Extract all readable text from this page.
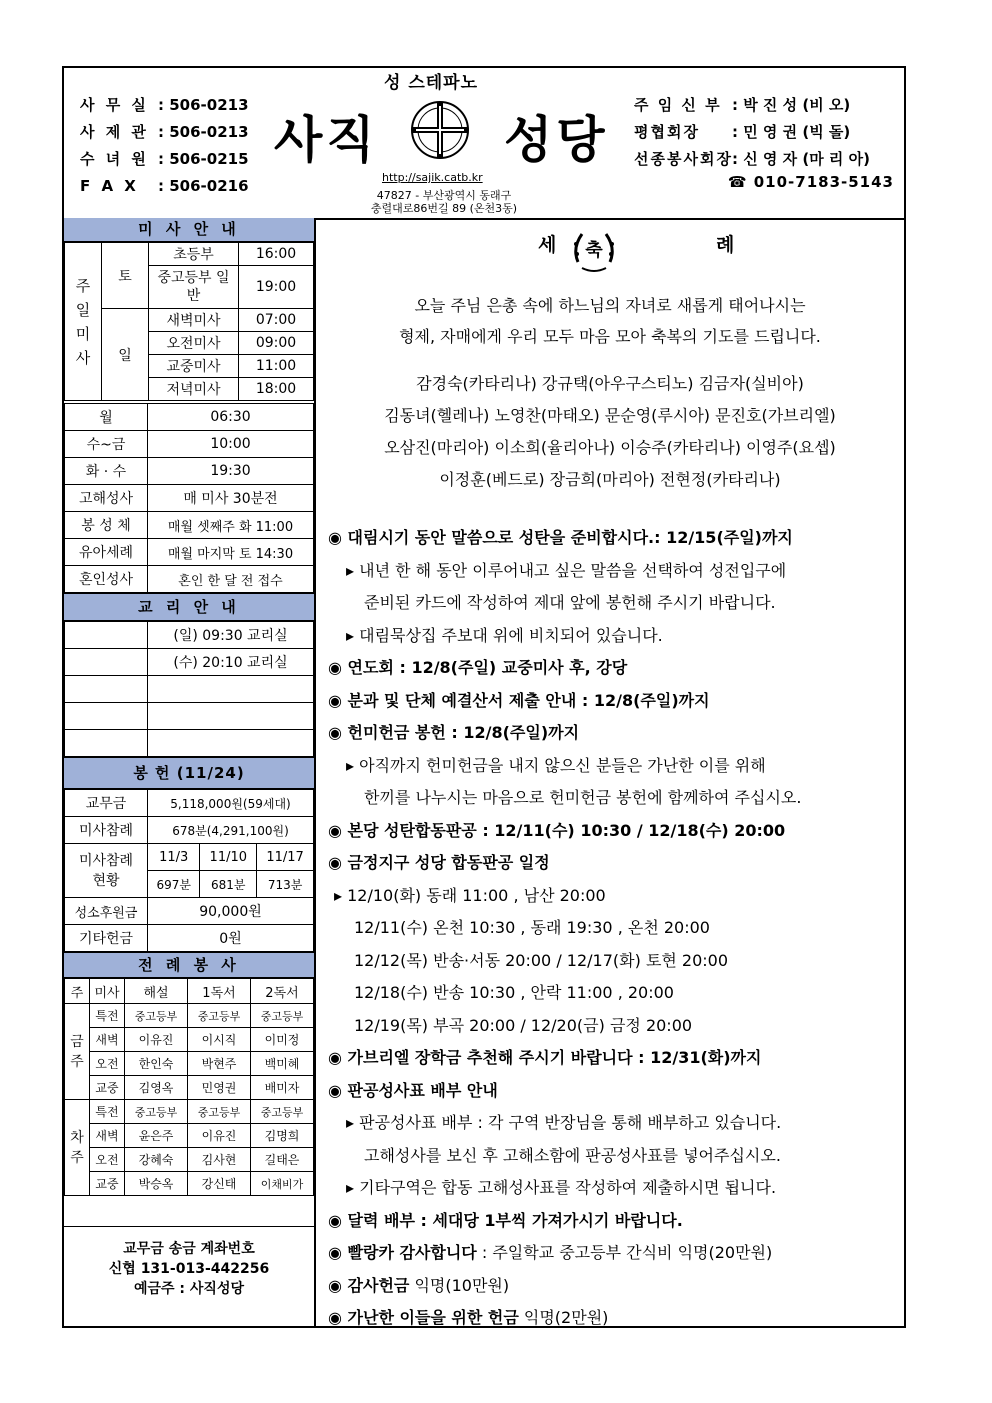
사 무 실 : 506-0213
사 제 관 : 506-0213
수 녀 원 : 506-0215
F A X : 506-0216
성 스테파노
사직	성당
http://sajik.catb.kr
47827 - 부산광역시 동래구
충렬대로86번길 89 (온천3동)
주 임 신 부 : 박 진 성 (비 오)
평협회장 : 민 영 권 (빅 돌)
선종봉사회장: 신 영 자 (마 리 아)
☎ 010-7183-5143
미 사 안 내
주일미사	토	초등부	16:00

		중고등부 일반	19:00
	일	새벽미사	07:00
		오전미사	09:00
		교중미사	11:00
		저녁미사	18:00
월	06:30
수~금	10:00
화 · 수	19:30
고해성사	매 미사 30분전
봉 성 체	매월 셋째주 화 11:00
유아세례	매월 마지막 토 14:30
혼인성사	혼인 한 달 전 접수
교 리 안 내
	(일) 09:30 교리실
	(수) 20:10 교리실

봉 헌 (11/24)
교무금	5,118,000원(59세대)		
미사참례	678분(4,291,100원)		

미사참례 현황	11/3	11/10	11/17
	697분	681분	713분
성소후원금	90,000원		
기타헌금	0원		
전 례 봉 사
주	미사	해설	1독서	2독서

금주	특전	중고등부	중고등부	중고등부
	새벽	이유진	이시직	이미정
	오전	한인숙	박현주	백미혜
	교중	김영옥	민영권	배미자

차주	특전	중고등부	중고등부	중고등부
	새벽	윤은주	이유진	김명희
	오전	강혜숙	김사현	길태은
	교중	박승옥	강신태	이채비가
교무금 송금 계좌번호
신협 131-013-442256
예금주 : 사직성당
세 축	례
오늘 주님 은총 속에 하느님의 자녀로 새롭게 태어나시는
형제, 자매에게 우리 모두 마음 모아 축복의 기도를 드립니다.
감경숙(카타리나) 강규택(아우구스티노) 김금자(실비아)
김동녀(헬레나) 노영찬(마태오) 문순영(루시아) 문진호(가브리엘)
오삼진(마리아) 이소희(율리아나) 이승주(카타리나) 이영주(요셉)
이정훈(베드로) 장금희(마리아) 전현정(카타리나)
◉ 대림시기 동안 말씀으로 성탄을 준비합시다.: 12/15(주일)까지
▸ 내년 한 해 동안 이루어내고 싶은 말씀을 선택하여 성전입구에
준비된 카드에 작성하여 제대 앞에 봉헌해 주시기 바랍니다.
▸ 대림묵상집 주보대 위에 비치되어 있습니다.
◉ 연도회 : 12/8(주일) 교중미사 후, 강당
◉ 분과 및 단체 예결산서 제출 안내 : 12/8(주일)까지
◉ 헌미헌금 봉헌 : 12/8(주일)까지
▸ 아직까지 헌미헌금을 내지 않으신 분들은 가난한 이를 위해
한끼를 나누시는 마음으로 헌미헌금 봉헌에 함께하여 주십시오.
◉ 본당 성탄합동판공 : 12/11(수) 10:30 / 12/18(수) 20:00
◉ 금정지구 성당 합동판공 일정
▸ 12/10(화) 동래 11:00 , 남산 20:00
12/11(수) 온천 10:30 , 동래 19:30 , 온천 20:00
12/12(목) 반송·서동 20:00 / 12/17(화) 토현 20:00
12/18(수) 반송 10:30 , 안락 11:00 , 20:00
12/19(목) 부곡 20:00 / 12/20(금) 금정 20:00
◉ 가브리엘 장학금 추천해 주시기 바랍니다 : 12/31(화)까지
◉ 판공성사표 배부 안내
▸ 판공성사표 배부 : 각 구역 반장님을 통해 배부하고 있습니다.
고해성사를 보신 후 고해소함에 판공성사표를 넣어주십시오.
▸ 기타구역은 합동 고해성사표를 작성하여 제출하시면 됩니다.
◉ 달력 배부 : 세대당 1부씩 가져가시기 바랍니다.
◉ 빨랑카 감사합니다 : 주일학교 중고등부 간식비 익명(20만원)
◉ 감사헌금 익명(10만원)
◉ 가난한 이들을 위한 헌금 익명(2만원)
